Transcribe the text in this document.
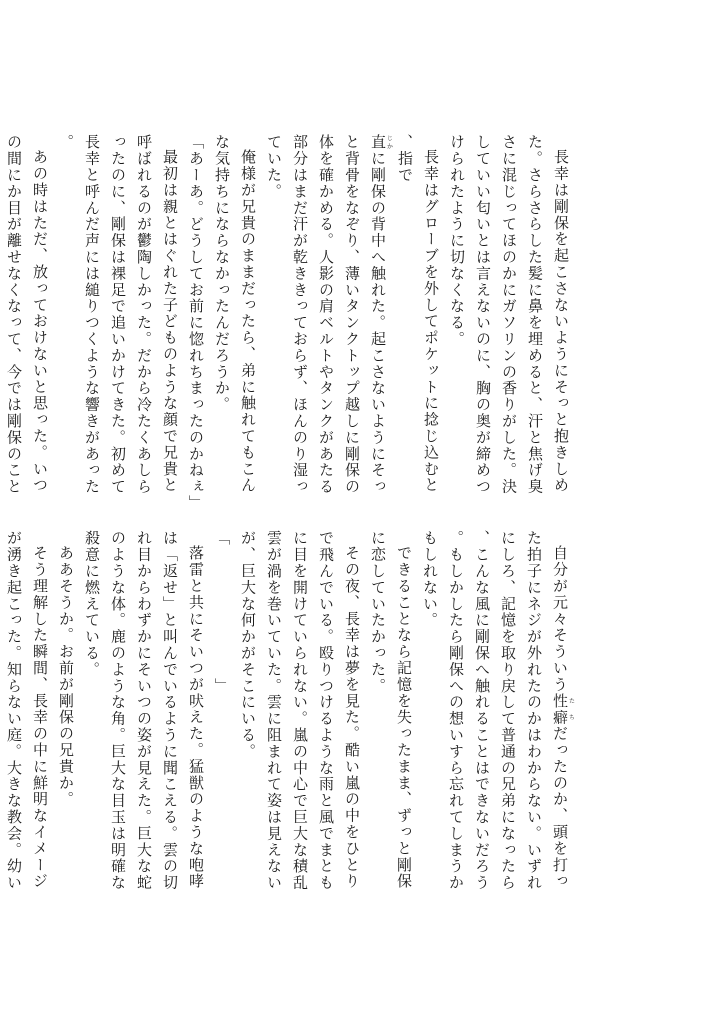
長幸は剛保を起こさないようにそっと抱きしめた。さらさらした髪に鼻を埋めると、汗と焦げ臭さに混じってほのかにガソリンの香りがした。決していい匂いとは言えないのに、胸の奥が締めつけられたように切なくなる。

長幸はグローブを外してポケットに捻じ込むと、指で

直じかに剛保の背中へ触れた。起こさないようにそっと背骨をなぞり、薄いタンクトップ越しに剛保の体を確かめる。人影の肩ベルトやタンクがあたる部分はまだ汗が乾ききっておらず、ほんのり湿っていた。

俺様が兄貴のままだったら、弟に触れてもこんな気持ちにならなかったんだろうか。

「あーあ。どうしてお前に惚れちまったのかねぇ」

最初は親とはぐれた子どものような顔で兄貴と呼ばれるのが鬱陶しかった。だから冷たくあしらったのに、剛保は裸足で追いかけてきた。初めて長幸と呼んだ声には縋りつくような響きがあった。

あの時はただ、放っておけないと思った。いつの間にか目が離せなくなって、今では剛保のこと

自分が元々そういう性癖たちだったのか、頭を打った拍子にネジが外れたのかはわからない。いずれにしろ、記憶を取り戻して普通の兄弟になったら、こんな風に剛保へ触れることはできないだろう。もしかしたら剛保への想いすら忘れてしまうかもしれない。

できることなら記憶を失ったまま、ずっと剛保に恋していたかった。

その夜、長幸は夢を見た。酷い嵐の中をひとりで飛んでいる。殴りつけるような雨と風でまともに目を開けていられない。嵐の中心で巨大な積乱雲が渦を巻いていた。雲に阻まれて姿は見えないが、巨大な何かがそこにいる。

「　　　　　　　　」

落雷と共にそいつが吠えた。猛獣のような咆哮は「返せ」と叫んでいるように聞こえる。雲の切れ目からわずかにそいつの姿が見えた。巨大な蛇のような体。鹿のような角。巨大な目玉は明確な殺意に燃えている。

ああそうか。お前が剛保の兄貴か。

そう理解した瞬間、長幸の中に鮮明なイメージが湧き起こった。知らない庭。大きな教会。幼い
